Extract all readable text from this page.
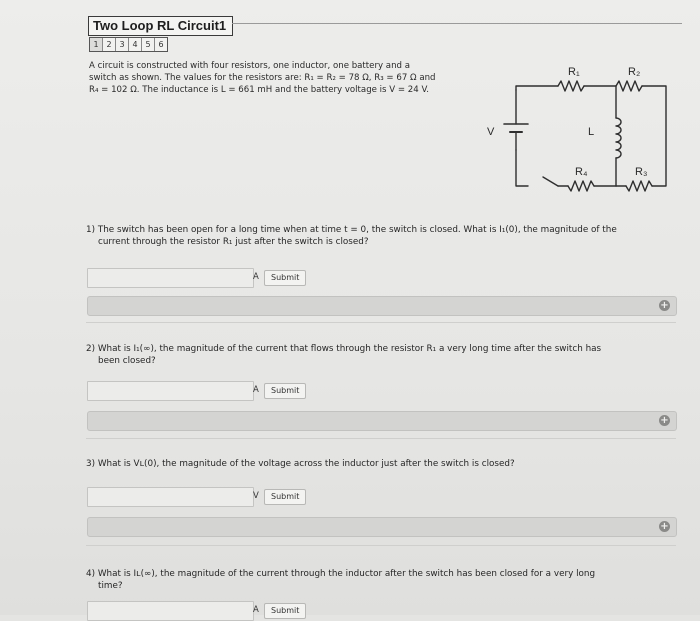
Two Loop RL Circuit1
1 2 3 4 5 6
A circuit is constructed with four resistors, one inductor, one battery and a
switch as shown. The values for the resistors are: R₁ = R₂ = 78 Ω, R₃ = 67 Ω and
R₄ = 102 Ω. The inductance is L = 661 mH and the battery voltage is V = 24 V.
R₁	R₂
R₃
R₄
V	L
1) The switch has been open for a long time when at time t = 0, the switch is closed. What is I₁(0), the magnitude of the
current through the resistor R₁ just after the switch is closed?
A	Submit
+
2) What is I₁(∞), the magnitude of the current that flows through the resistor R₁ a very long time after the switch has
been closed?
A	Submit
+
3) What is Vʟ(0), the magnitude of the voltage across the inductor just after the switch is closed?
V	Submit
+
4) What is Iʟ(∞), the magnitude of the current through the inductor after the switch has been closed for a very long
time?
A	Submit
